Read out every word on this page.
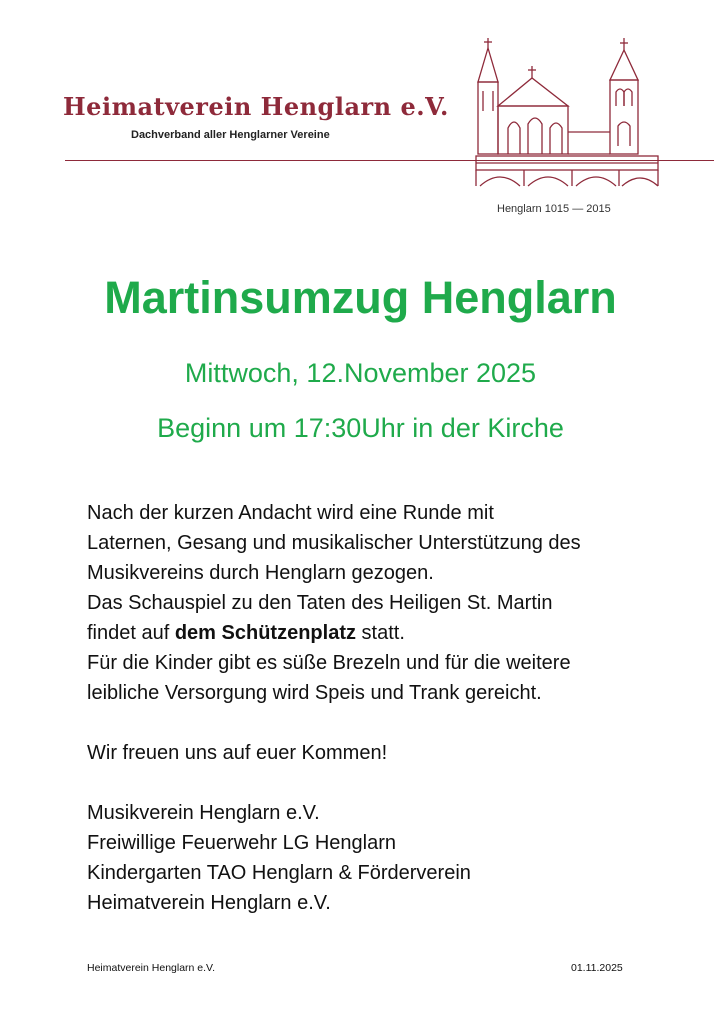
Heimatverein Henglarn e.V.
Dachverband aller Henglarner Vereine
Henglarn 1015 — 2015
Martinsumzug Henglarn
Mittwoch, 12.November 2025
Beginn um 17:30Uhr in der Kirche

Nach der kurzen Andacht wird eine Runde mit

Laternen, Gesang und musikalischer Unterstützung des

Musikvereins durch Henglarn gezogen.

Das Schauspiel zu den Taten des Heiligen St. Martin

findet auf dem Schützenplatz statt.

Für die Kinder gibt es süße Brezeln und für die weitere

leibliche Versorgung wird Speis und Trank gereicht.

Wir freuen uns auf euer Kommen!

Musikverein Henglarn e.V.

Freiwillige Feuerwehr LG Henglarn

Kindergarten TAO Henglarn & Förderverein

Heimatverein Henglarn e.V.

Heimatverein Henglarn e.V.	01.11.2025
